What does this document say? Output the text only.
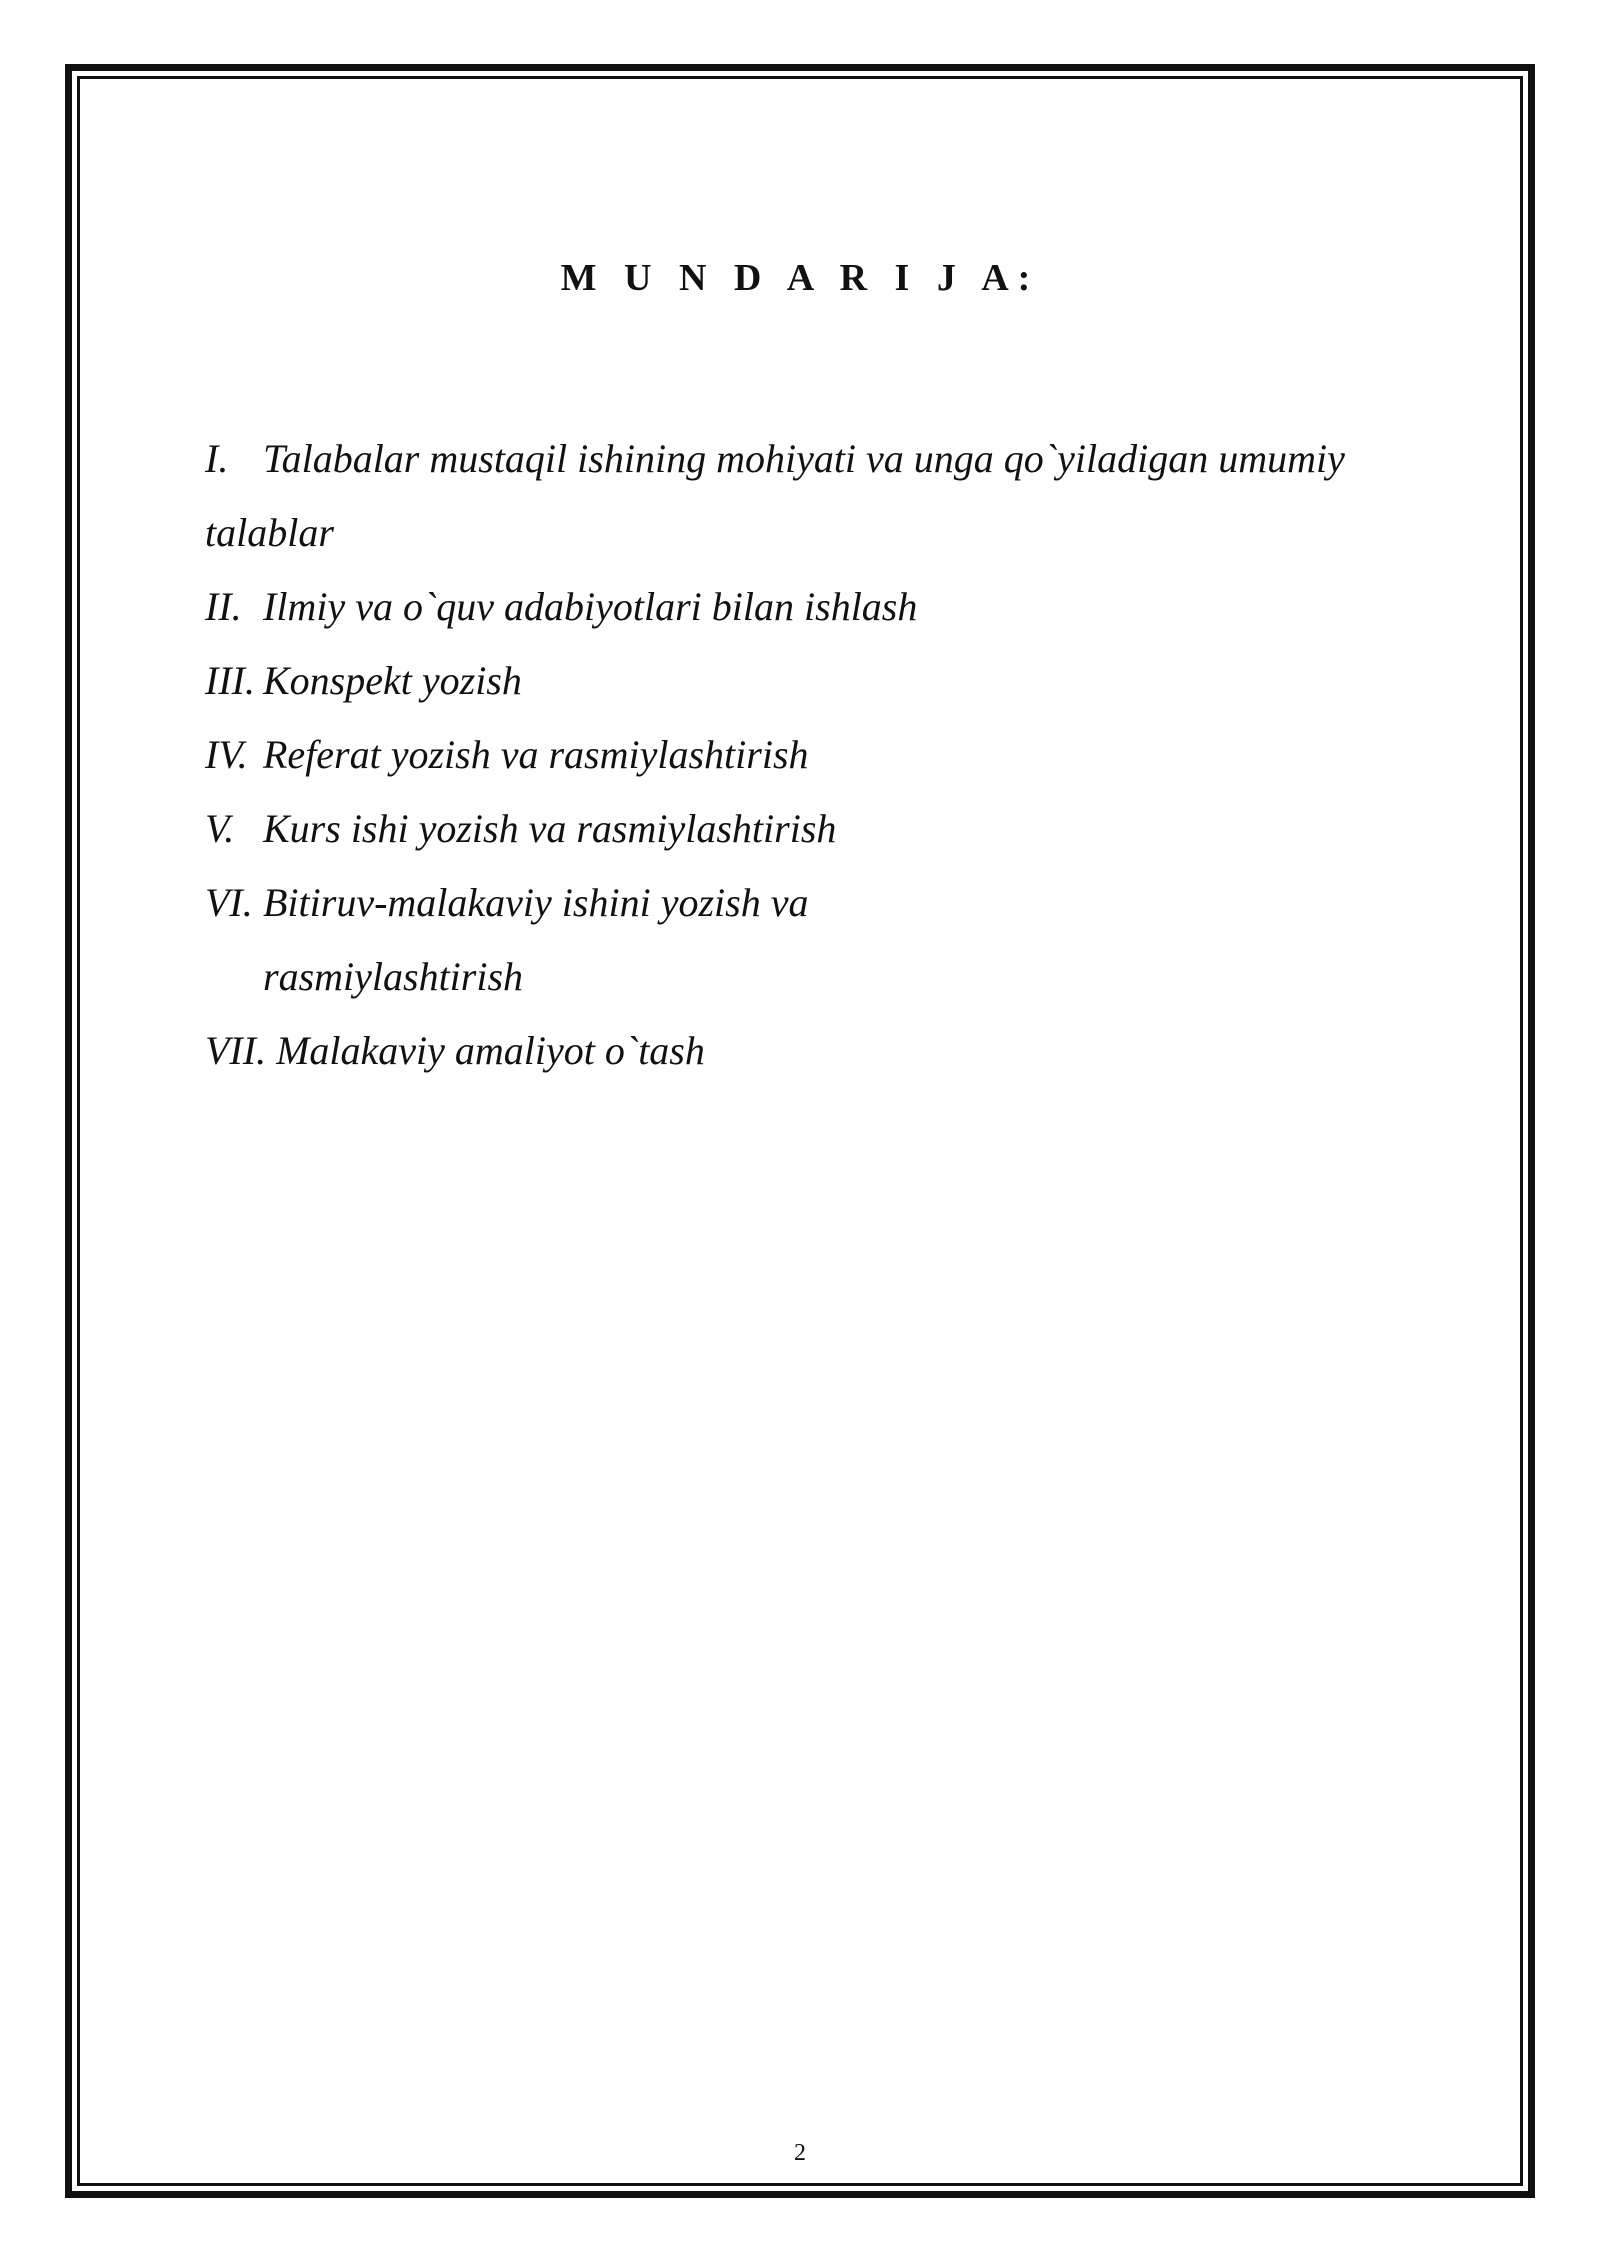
M U N D A R I J A:
I. Talabalar mustaqil ishining mohiyati va unga qo`yiladigan umumiy
talablar
II. Ilmiy va o`quv adabiyotlari bilan ishlash
III. Konspekt yozish
IV. Referat yozish va rasmiylashtirish
V. Kurs ishi yozish va rasmiylashtirish
VI. Bitiruv-malakaviy ishini yozish va
rasmiylashtirish
VII. Malakaviy amaliyot o`tash
2
